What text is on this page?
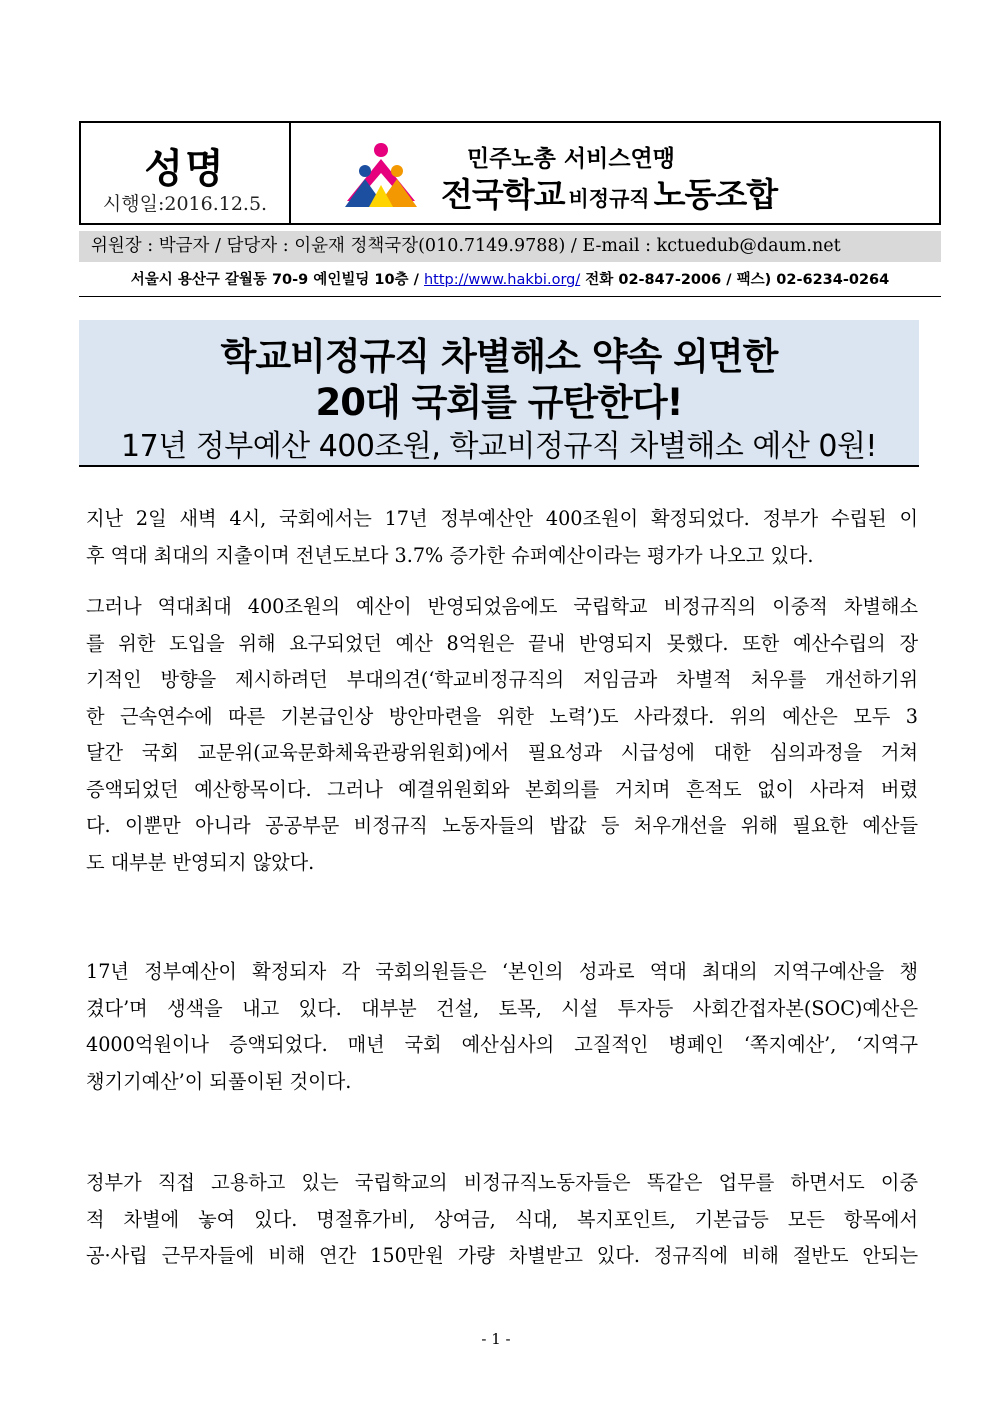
성명
시행일:2016.12.5.
민주노총 서비스연맹
전국학교 비정규직 노동조합
위원장 : 박금자 / 담당자 : 이윤재 정책국장(010.7149.9788) / E-mail : kctuedub@daum.net
서울시 용산구 갈월동 70-9 예인빌딩 10층 / http://www.hakbi.org/ 전화 02-847-2006 / 팩스) 02-6234-0264
학교비정규직 차별해소 약속 외면한
20대 국회를 규탄한다!
17년 정부예산 400조원, 학교비정규직 차별해소 예산 0원!
지난 2일 새벽 4시, 국회에서는 17년 정부예산안 400조원이 확정되었다. 정부가 수립된 이
후 역대 최대의 지출이며 전년도보다 3.7% 증가한 슈퍼예산이라는 평가가 나오고 있다.
그러나 역대최대 400조원의 예산이 반영되었음에도 국립학교 비정규직의 이중적 차별해소
를 위한 도입을 위해 요구되었던 예산 8억원은 끝내 반영되지 못했다. 또한 예산수립의 장
기적인 방향을 제시하려던 부대의견(‘학교비정규직의 저임금과 차별적 처우를 개선하기위
한 근속연수에 따른 기본급인상 방안마련을 위한 노력’)도 사라졌다. 위의 예산은 모두 3
달간 국회 교문위(교육문화체육관광위원회)에서 필요성과 시급성에 대한 심의과정을 거쳐
증액되었던 예산항목이다. 그러나 예결위원회와 본회의를 거치며 흔적도 없이 사라져 버렸
다. 이뿐만 아니라 공공부문 비정규직 노동자들의 밥값 등 처우개선을 위해 필요한 예산들
도 대부분 반영되지 않았다.
17년 정부예산이 확정되자 각 국회의원들은 ‘본인의 성과로 역대 최대의 지역구예산을 챙
겼다’며 생색을 내고 있다. 대부분 건설, 토목, 시설 투자등 사회간접자본(SOC)예산은
4000억원이나 증액되었다. 매년 국회 예산심사의 고질적인 병폐인 ‘쪽지예산’, ‘지역구
챙기기예산’이 되풀이된 것이다.
정부가 직접 고용하고 있는 국립학교의 비정규직노동자들은 똑같은 업무를 하면서도 이중
적 차별에 놓여 있다. 명절휴가비, 상여금, 식대, 복지포인트, 기본급등 모든 항목에서
공·사립 근무자들에 비해 연간 150만원 가량 차별받고 있다. 정규직에 비해 절반도 안되는
- 1 -
